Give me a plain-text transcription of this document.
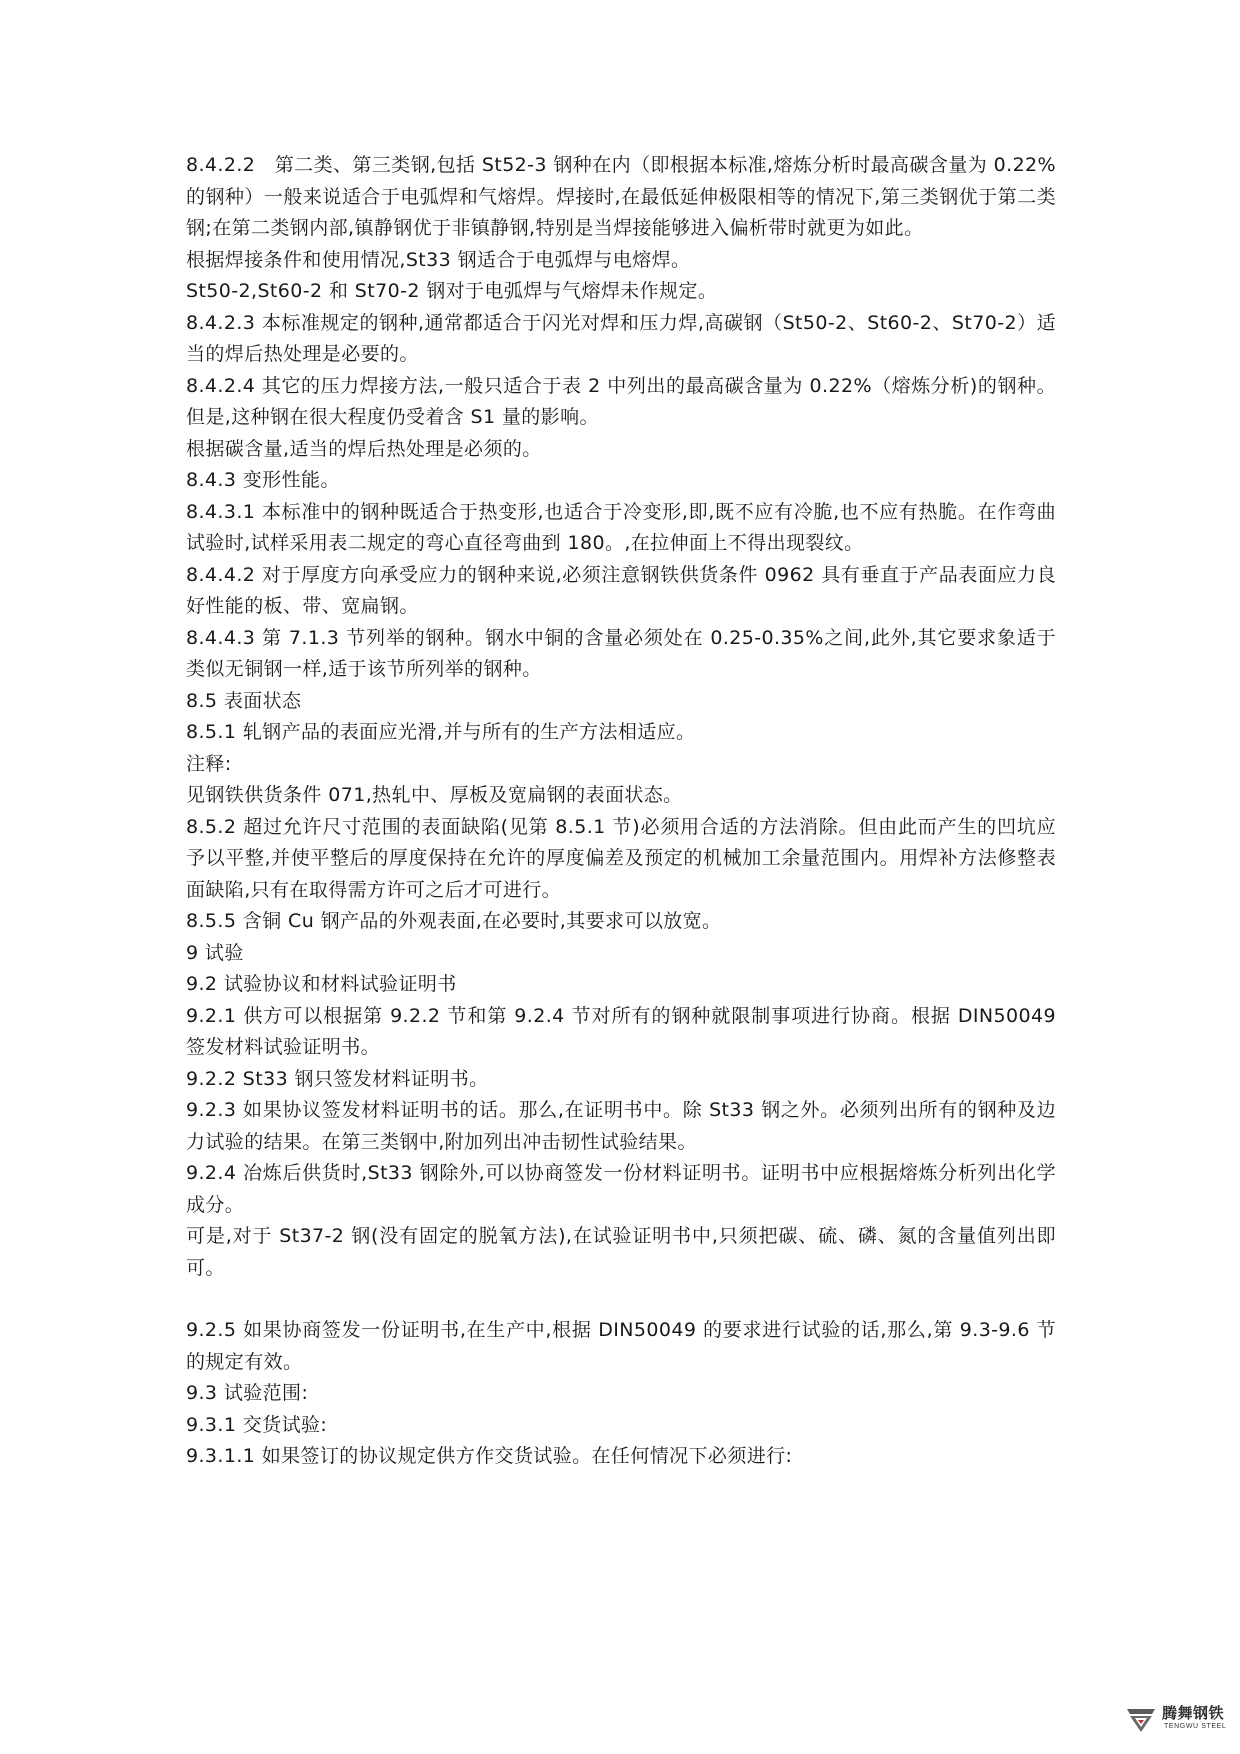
8.4.2.2　第二类、第三类钢,包括 St52-3 钢种在内（即根据本标准,熔炼分析时最高碳含量为 0.22%的钢种）一般来说适合于电弧焊和气熔焊。焊接时,在最低延伸极限相等的情况下,第三类钢优于第二类钢;在第二类钢内部,镇静钢优于非镇静钢,特别是当焊接能够进入偏析带时就更为如此。

根据焊接条件和使用情况,St33 钢适合于电弧焊与电熔焊。

St50-2,St60-2 和 St70-2 钢对于电弧焊与气熔焊未作规定。

8.4.2.3 本标准规定的钢种,通常都适合于闪光对焊和压力焊,高碳钢（St50-2、St60-2、St70-2）适当的焊后热处理是必要的。

8.4.2.4 其它的压力焊接方法,一般只适合于表 2 中列出的最高碳含量为 0.22%（熔炼分析)的钢种。但是,这种钢在很大程度仍受着含 S1 量的影响。

根据碳含量,适当的焊后热处理是必须的。

8.4.3 变形性能。

8.4.3.1 本标准中的钢种既适合于热变形,也适合于冷变形,即,既不应有冷脆,也不应有热脆。在作弯曲试验时,试样采用表二规定的弯心直径弯曲到 180。,在拉伸面上不得出现裂纹。

8.4.4.2 对于厚度方向承受应力的钢种来说,必须注意钢铁供货条件 0962 具有垂直于产品表面应力良好性能的板、带、宽扁钢。

8.4.4.3 第 7.1.3 节列举的钢种。钢水中铜的含量必须处在 0.25-0.35%之间,此外,其它要求象适于类似无铜钢一样,适于该节所列举的钢种。

8.5 表面状态

8.5.1 轧钢产品的表面应光滑,并与所有的生产方法相适应。

注释:

见钢铁供货条件 071,热轧中、厚板及宽扁钢的表面状态。

8.5.2 超过允许尺寸范围的表面缺陷(见第 8.5.1 节)必须用合适的方法消除。但由此而产生的凹坑应予以平整,并使平整后的厚度保持在允许的厚度偏差及预定的机械加工余量范围内。用焊补方法修整表面缺陷,只有在取得需方许可之后才可进行。

8.5.5 含铜 Cu 钢产品的外观表面,在必要时,其要求可以放宽。

9 试验

9.2 试验协议和材料试验证明书

9.2.1 供方可以根据第 9.2.2 节和第 9.2.4 节对所有的钢种就限制事项进行协商。根据 DIN50049 签发材料试验证明书。

9.2.2 St33 钢只签发材料证明书。

9.2.3 如果协议签发材料证明书的话。那么,在证明书中。除 St33 钢之外。必须列出所有的钢种及边力试验的结果。在第三类钢中,附加列出冲击韧性试验结果。

9.2.4 冶炼后供货时,St33 钢除外,可以协商签发一份材料证明书。证明书中应根据熔炼分析列出化学成分。

可是,对于 St37-2 钢(没有固定的脱氧方法),在试验证明书中,只须把碳、硫、磷、氮的含量值列出即可。

9.2.5 如果协商签发一份证明书,在生产中,根据 DIN50049 的要求进行试验的话,那么,第 9.3-9.6 节的规定有效。

9.3 试验范围:

9.3.1 交货试验:

9.3.1.1 如果签订的协议规定供方作交货试验。在任何情况下必须进行:

腾舞钢铁
TENGWU STEEL
